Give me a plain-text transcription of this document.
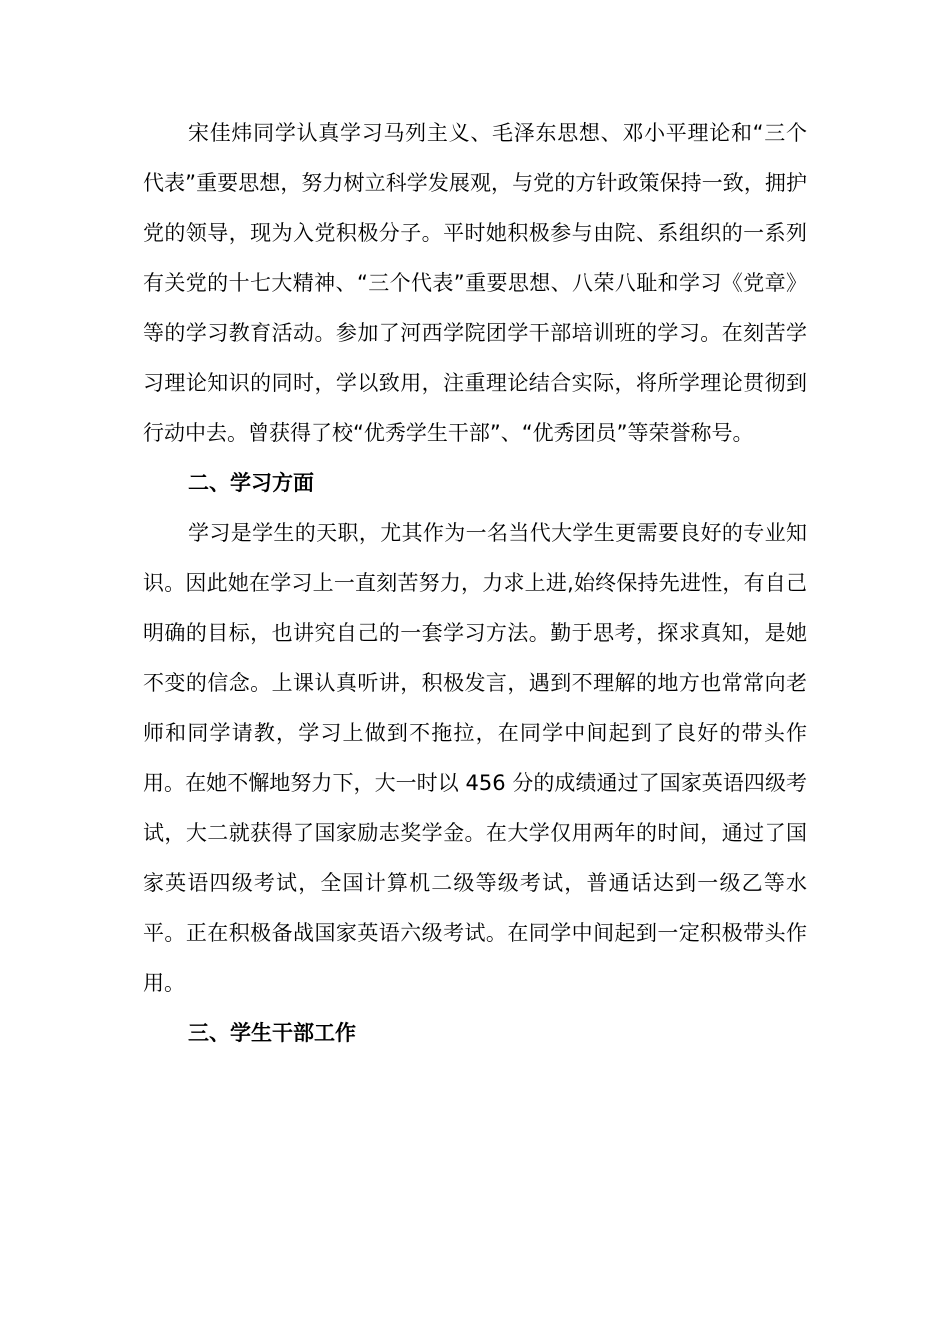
宋佳炜同学认真学习马列主义、毛泽东思想、邓小平理论和“三个代表”重要思想，努力树立科学发展观，与党的方针政策保持一致，拥护党的领导，现为入党积极分子。平时她积极参与由院、系组织的一系列有关党的十七大精神、“三个代表”重要思想、八荣八耻和学习《党章》等的学习教育活动。参加了河西学院团学干部培训班的学习。在刻苦学习理论知识的同时，学以致用，注重理论结合实际，将所学理论贯彻到行动中去。曾获得了校“优秀学生干部”、“优秀团员”等荣誉称号。

二、学习方面

学习是学生的天职，尤其作为一名当代大学生更需要良好的专业知识。因此她在学习上一直刻苦努力，力求上进,始终保持先进性，有自己明确的目标，也讲究自己的一套学习方法。勤于思考，探求真知，是她不变的信念。上课认真听讲，积极发言，遇到不理解的地方也常常向老师和同学请教，学习上做到不拖拉，在同学中间起到了良好的带头作用。在她不懈地努力下，大一时以 456 分的成绩通过了国家英语四级考试，大二就获得了国家励志奖学金。在大学仅用两年的时间，通过了国家英语四级考试，全国计算机二级等级考试，普通话达到一级乙等水平。正在积极备战国家英语六级考试。在同学中间起到一定积极带头作用。

三、学生干部工作
